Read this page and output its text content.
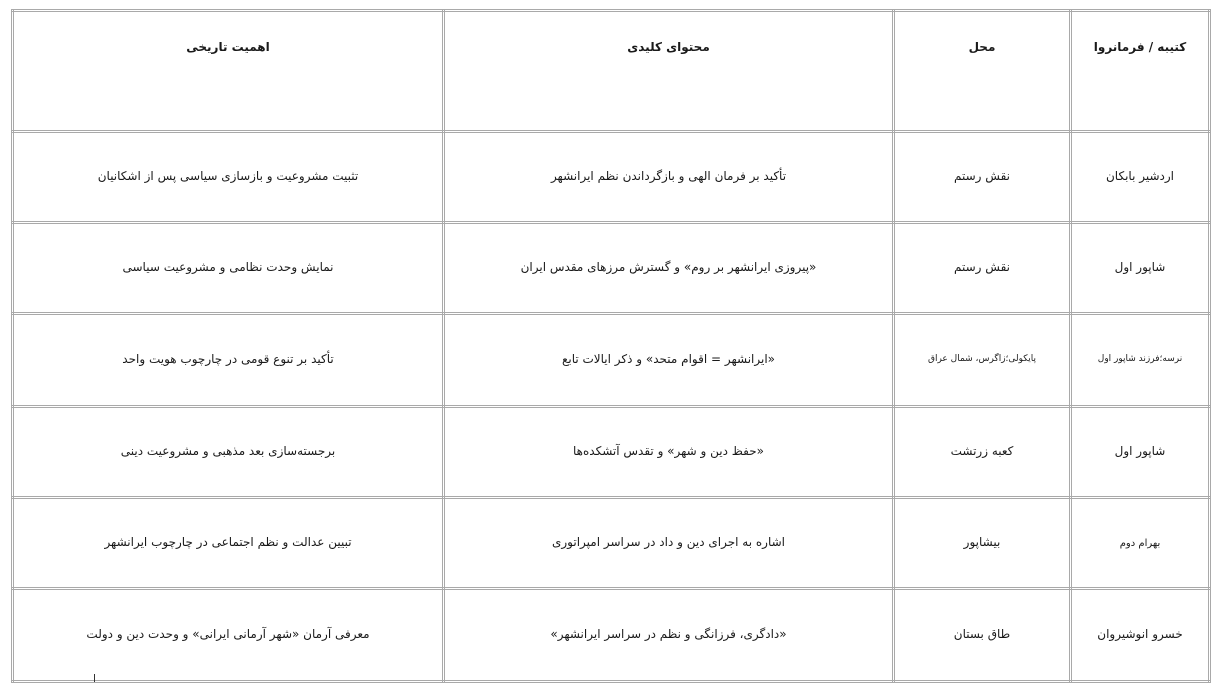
کتیبه / فرمانروا	محل	محتوای کلیدی	اهمیت تاریخی
اردشیر بابکان	نقش رستم	تأکید بر فرمان الهی و بازگرداندن نظم ایرانشهر	تثبیت مشروعیت و بازسازی سیاسی پس از اشکانیان
شاپور اول	نقش رستم	«پیروزی ایرانشهر بر روم» و گسترش مرزهای مقدس ایران	نمایش وحدت نظامی و مشروعیت سیاسی
نرسه؛فرزند شاپور اول	پایکولی؛زاگرس، شمال عراق	«ایرانشهر = اقوام متحد» و ذکر ایالات تابع	تأکید بر تنوع قومی در چارچوب هویت واحد
شاپور اول	کعبه زرتشت	«حفظ دین و شهر» و تقدس آتشکده‌ها	برجسته‌سازی بعد مذهبی و مشروعیت دینی
بهرام دوم	بیشاپور	اشاره به اجرای دین و داد در سراسر امپراتوری	تبیین عدالت و نظم اجتماعی در چارچوب ایرانشهر
خسرو انوشیروان	طاق بستان	«دادگری، فرزانگی و نظم در سراسر ایرانشهر»	معرفی آرمان «شهر آرمانی ایرانی» و وحدت دین و دولت
